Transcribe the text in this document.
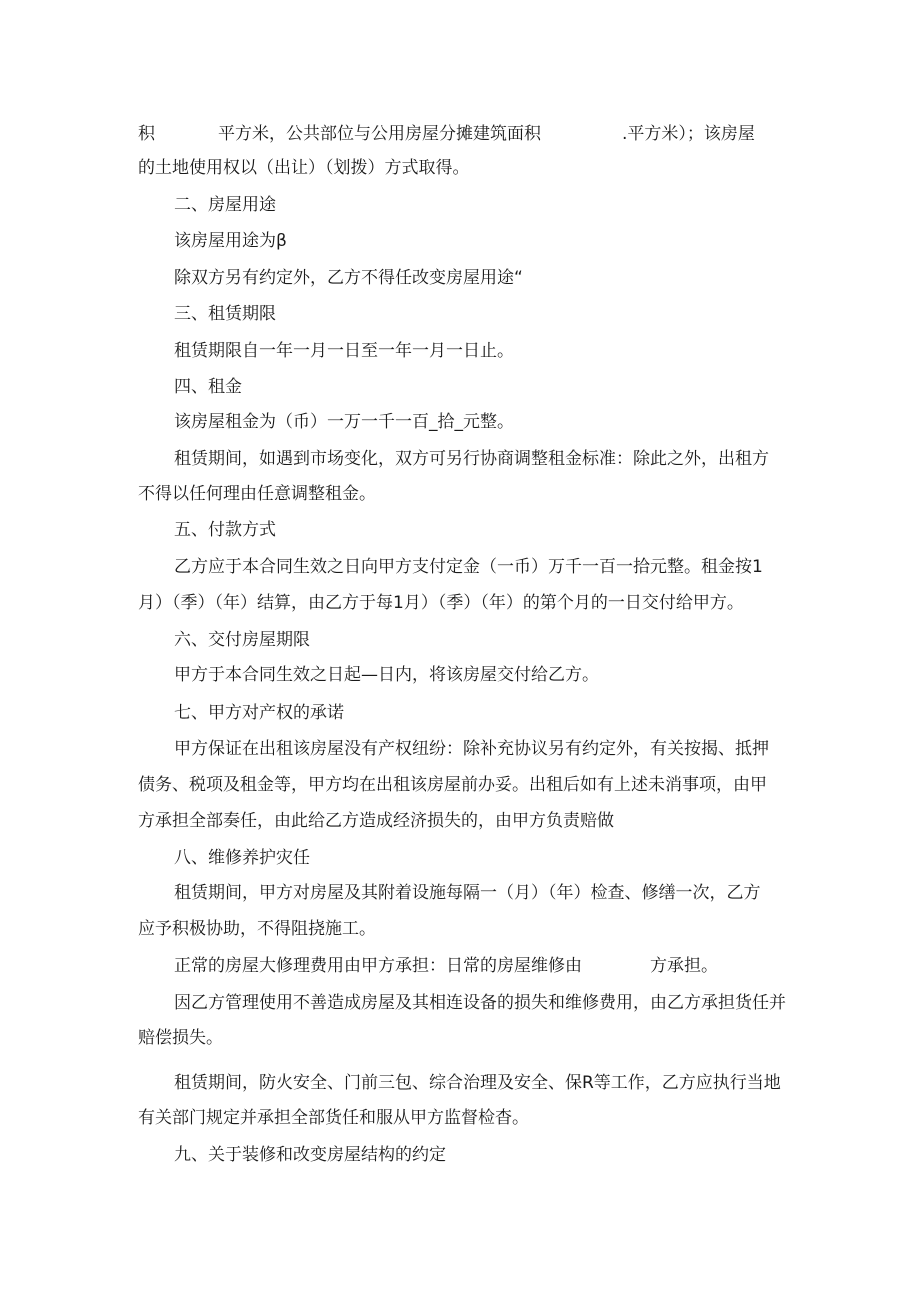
积	平方米，公共部位与公用房屋分摊建筑面积	.平方米）；该房屋
的土地使用权以（出让）（划拨）方式取得。
二、房屋用途
该房屋用途为β
除双方另有约定外，乙方不得任改变房屋用途“
三、租赁期限
租赁期限自一年一月一日至一年一月一日止。
四、租金
该房屋租金为（币）一万一千一百_拾_元整。
租赁期间，如遇到市场变化，双方可另行协商调整租金标准：除此之外，出租方
不得以任何理由任意调整租金。
五、付款方式
乙方应于本合同生效之日向甲方支付定金（一币）万千一百一拾元整。租金按1
月）（季）（年）结算，由乙方于每1月）（季）（年）的第个月的一日交付给甲方。
六、交付房屋期限
甲方于本合同生效之日起—日内，将该房屋交付给乙方。
七、甲方对产权的承诺
甲方保证在出租该房屋没有产权纽纷：除补充协议另有约定外，有关按揭、抵押
债务、税项及租金等，甲方均在出租该房屋前办妥。出租后如有上述未消事项，由甲
方承担全部奏任，由此给乙方造成经济损失的，由甲方负责赔做
八、维修养护灾任
租赁期间，甲方对房屋及其附着设施每隔一（月）（年）检查、修缮一次，乙方
应予积极协助，不得阻挠施工。
正常的房屋大修理费用由甲方承担：日常的房屋维修由	方承担。
因乙方管理使用不善造成房屋及其相连设备的损失和维修费用，由乙方承担货任并
赔偿损失。
租赁期间，防火安全、门前三包、综合治理及安全、保R等工作，乙方应执行当地
有关部门规定并承担全部货任和服从甲方监督检杳。
九、关于装修和改变房屋结构的约定
